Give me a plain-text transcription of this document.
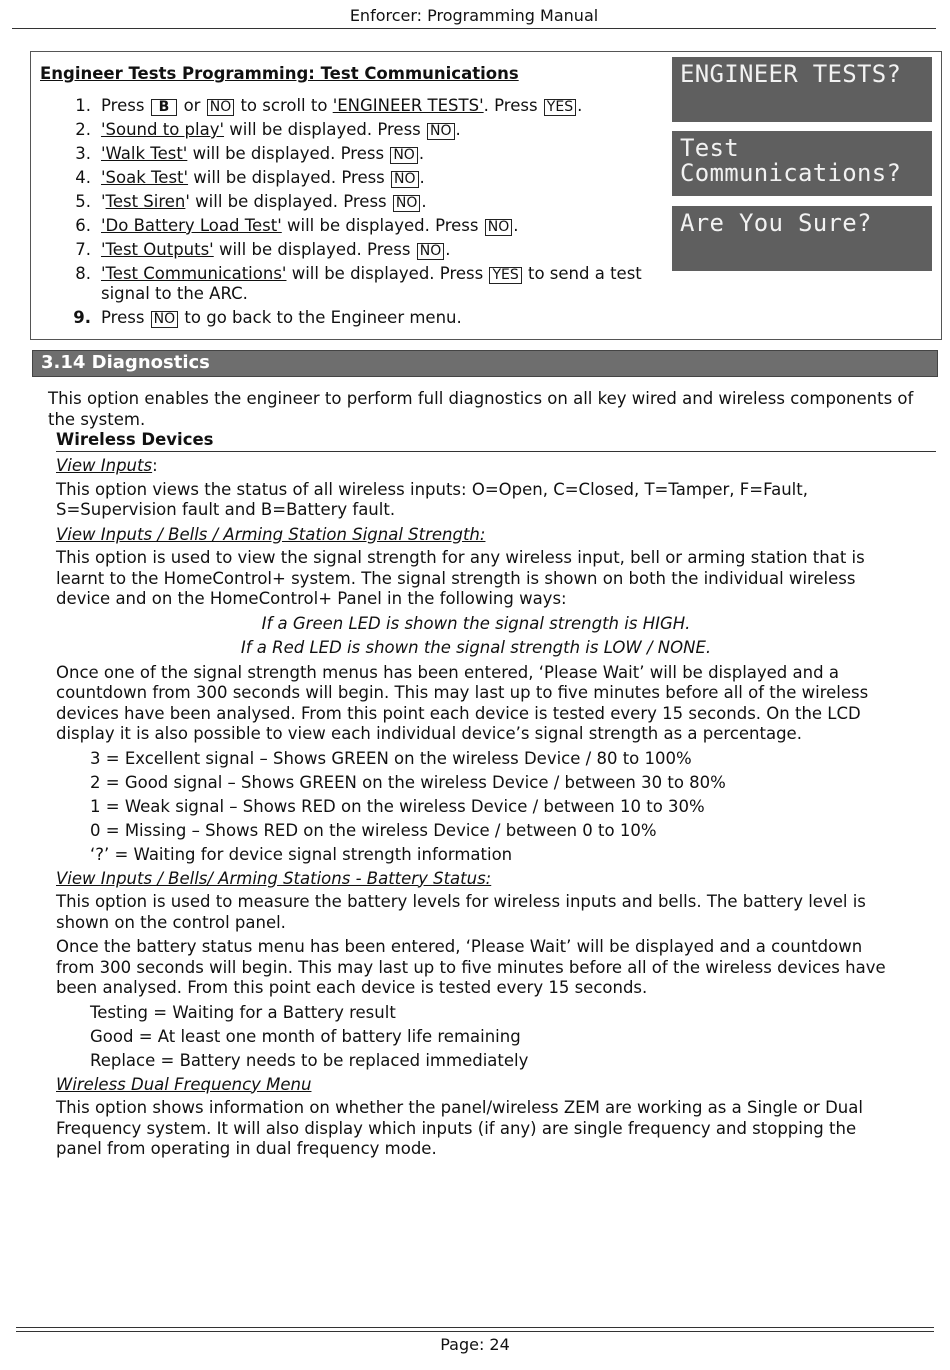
Enforcer: Programming Manual
Engineer Tests Programming: Test Communications
1. Press B or NO to scroll to 'ENGINEER TESTS'. Press YES .
2. 'Sound to play' will be displayed. Press NO .
3. 'Walk Test' will be displayed. Press NO .
4. 'Soak Test' will be displayed. Press NO .
5. 'Test Siren' will be displayed. Press NO .
6. 'Do Battery Load Test' will be displayed. Press NO .
7. 'Test Outputs' will be displayed. Press NO .
8. 'Test Communications' will be displayed. Press YES to send a test signal to the ARC.
9. Press NO to go back to the Engineer menu.
ENGINEER TESTS?
Test
Communications?
Are You Sure?
3.14 Diagnostics
This option enables the engineer to perform full diagnostics on all key wired and wireless components of the system.
Wireless Devices

View Inputs:

This option views the status of all wireless inputs: O=Open, C=Closed, T=Tamper, F=Fault, S=Supervision fault and B=Battery fault.

View Inputs / Bells / Arming Station Signal Strength:

This option is used to view the signal strength for any wireless input, bell or arming station that is learnt to the HomeControl+ system. The signal strength is shown on both the individual wireless device and on the HomeControl+ Panel in the following ways:

If a Green LED is shown the signal strength is HIGH.

If a Red LED is shown the signal strength is LOW / NONE.

Once one of the signal strength menus has been entered, ‘Please Wait’ will be displayed and a countdown from 300 seconds will begin. This may last up to five minutes before all of the wireless devices have been analysed. From this point each device is tested every 15 seconds. On the LCD display it is also possible to view each individual device’s signal strength as a percentage.

3 = Excellent signal – Shows GREEN on the wireless Device / 80 to 100%

2 = Good signal – Shows GREEN on the wireless Device / between 30 to 80%

1 = Weak signal – Shows RED on the wireless Device / between 10 to 30%

0 = Missing – Shows RED on the wireless Device / between 0 to 10%

‘?’ = Waiting for device signal strength information

View Inputs / Bells/ Arming Stations - Battery Status:

This option is used to measure the battery levels for wireless inputs and bells. The battery level is shown on the control panel.

Once the battery status menu has been entered, ‘Please Wait’ will be displayed and a countdown from 300 seconds will begin. This may last up to five minutes before all of the wireless devices have been analysed. From this point each device is tested every 15 seconds.

Testing = Waiting for a Battery result

Good = At least one month of battery life remaining

Replace = Battery needs to be replaced immediately

Wireless Dual Frequency Menu

This option shows information on whether the panel/wireless ZEM are working as a Single or Dual Frequency system. It will also display which inputs (if any) are single frequency and stopping the panel from operating in dual frequency mode.

Page: 24
